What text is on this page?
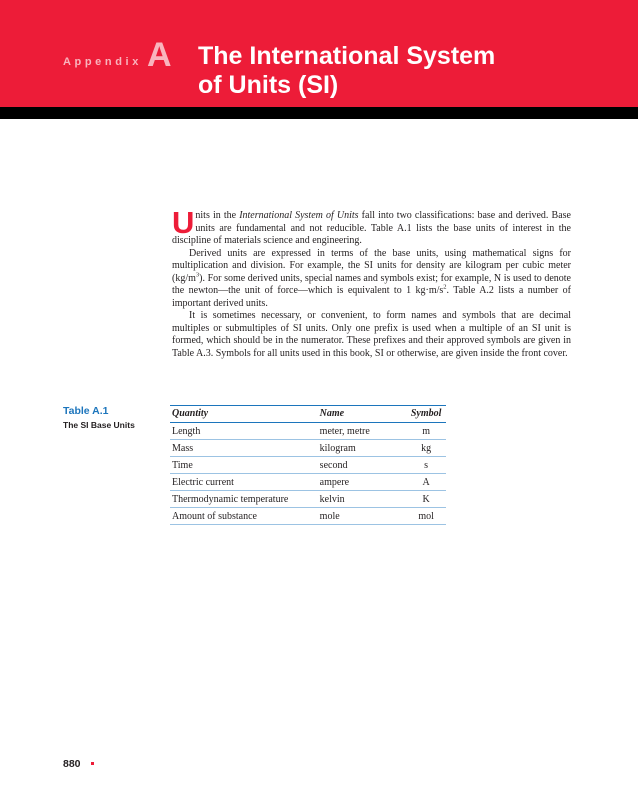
Appendix A The International System
of Units (SI)

Units in the International System of Units fall into two classifications: base and derived. Base units are fundamental and not reducible. Table A.1 lists the base units of interest in the discipline of materials science and engineering.

Derived units are expressed in terms of the base units, using mathematical signs for multiplication and division. For example, the SI units for density are kilogram per cubic meter $(kg/m^3)$. For some derived units, special names and symbols exist; for example, N is used to denote the newton—the unit of force—which is equivalent to 1 $kg\cdot m/s^2$. Table A.2 lists a number of important derived units.

It is sometimes necessary, or convenient, to form names and symbols that are decimal multiples or submultiples of SI units. Only one prefix is used when a multiple of an SI unit is formed, which should be in the numerator. These prefixes and their approved symbols are given in Table A.3. Symbols for all units used in this book, SI or otherwise, are given inside the front cover.

Table A.1
The SI Base Units
Quantity	Name	Symbol
Length	meter, metre	m
Mass	kilogram	kg
Time	second	s
Electric current	ampere	A
Thermodynamic temperature	kelvin	K
Amount of substance	mole	mol
880
